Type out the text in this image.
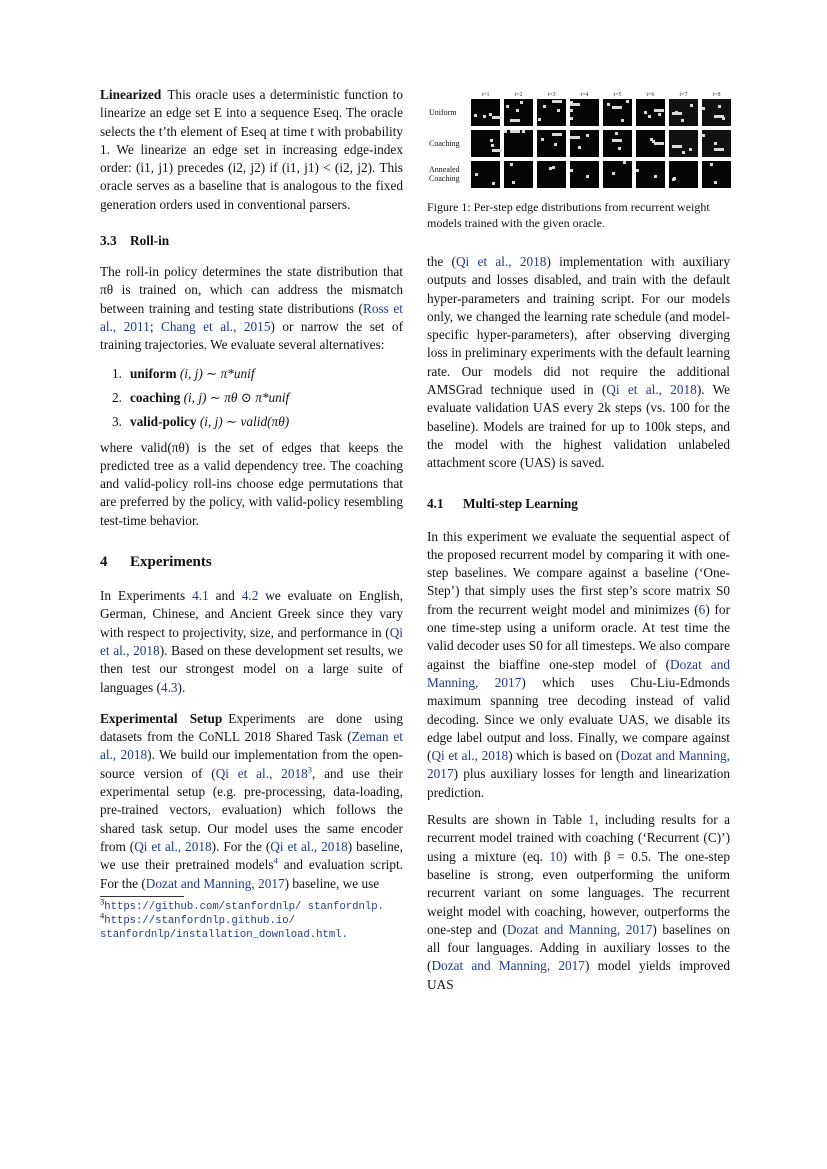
Linearized This oracle uses a deterministic function to linearize an edge set E into a sequence Eseq. The oracle selects the t’th element of Eseq at time t with probability 1. We linearize an edge set in increasing edge-index order: (i1, j1) precedes (i2, j2) if (i1, j1) < (i2, j2). This oracle serves as a baseline that is analogous to the fixed generation orders used in conventional parsers.

3.3 Roll-in

The roll-in policy determines the state distribution that πθ is trained on, which can address the mismatch between training and testing state distributions (Ross et al., 2011; Chang et al., 2015) or narrow the set of training trajectories. We evaluate several alternatives:

1. uniform (i, j) ∼ π*unif
2. coaching (i, j) ∼ πθ ⊙ π*unif
3. valid-policy (i, j) ∼ valid(πθ)

where valid(πθ) is the set of edges that keeps the predicted tree as a valid dependency tree. The coaching and valid-policy roll-ins choose edge permutations that are preferred by the policy, with valid-policy resembling test-time behavior.

4 Experiments

In Experiments 4.1 and 4.2 we evaluate on English, German, Chinese, and Ancient Greek since they vary with respect to projectivity, size, and performance in (Qi et al., 2018). Based on these development set results, we then test our strongest model on a large suite of languages (4.3).

Experimental Setup Experiments are done using datasets from the CoNLL 2018 Shared Task (Zeman et al., 2018). We build our implementation from the open-source version of (Qi et al., 2018$^3$, and use their experimental setup (e.g. pre-processing, data-loading, pre-trained vectors, evaluation) which follows the shared task setup. Our model uses the same encoder from (Qi et al., 2018). For the (Qi et al., 2018) baseline, we use their pretrained models$^4$ and evaluation script. For the (Dozat and Manning, 2017) baseline, we use

$^3$https://github.com/stanfordnlp/ stanfordnlp.
$^4$https://stanfordnlp.github.io/ stanfordnlp/installation_download.html.
t=1	t=2	t=3	t=4	t=5	t=6	t=7	t=8
Uniform
Coaching
Annealed Coaching
Figure 1: Per-step edge distributions from recurrent weight models trained with the given oracle.

the (Qi et al., 2018) implementation with auxiliary outputs and losses disabled, and train with the default hyper-parameters and training script. For our models only, we changed the learning rate schedule (and model-specific hyper-parameters), after observing diverging loss in preliminary experiments with the default learning rate. Our models did not require the additional AMSGrad technique used in (Qi et al., 2018). We evaluate validation UAS every 2k steps (vs. 100 for the baseline). Models are trained for up to 100k steps, and the model with the highest validation unlabeled attachment score (UAS) is saved.

4.1 Multi-step Learning

In this experiment we evaluate the sequential aspect of the proposed recurrent model by comparing it with one-step baselines. We compare against a baseline (‘One-Step’) that simply uses the first step’s score matrix S0 from the recurrent weight model and minimizes (6) for one time-step using a uniform oracle. At test time the valid decoder uses S0 for all timesteps. We also compare against the biaffine one-step model of (Dozat and Manning, 2017) which uses Chu-Liu-Edmonds maximum spanning tree decoding instead of valid decoding. Since we only evaluate UAS, we disable its edge label output and loss. Finally, we compare against (Qi et al., 2018) which is based on (Dozat and Manning, 2017) plus auxiliary losses for length and linearization prediction.

Results are shown in Table 1, including results for a recurrent model trained with coaching (‘Recurrent (C)’) using a mixture (eq. 10) with β = 0.5. The one-step baseline is strong, even outperforming the uniform recurrent variant on some languages. The recurrent weight model with coaching, however, outperforms the one-step and (Dozat and Manning, 2017) baselines on all four languages. Adding in auxiliary losses to the (Dozat and Manning, 2017) model yields improved UAS
